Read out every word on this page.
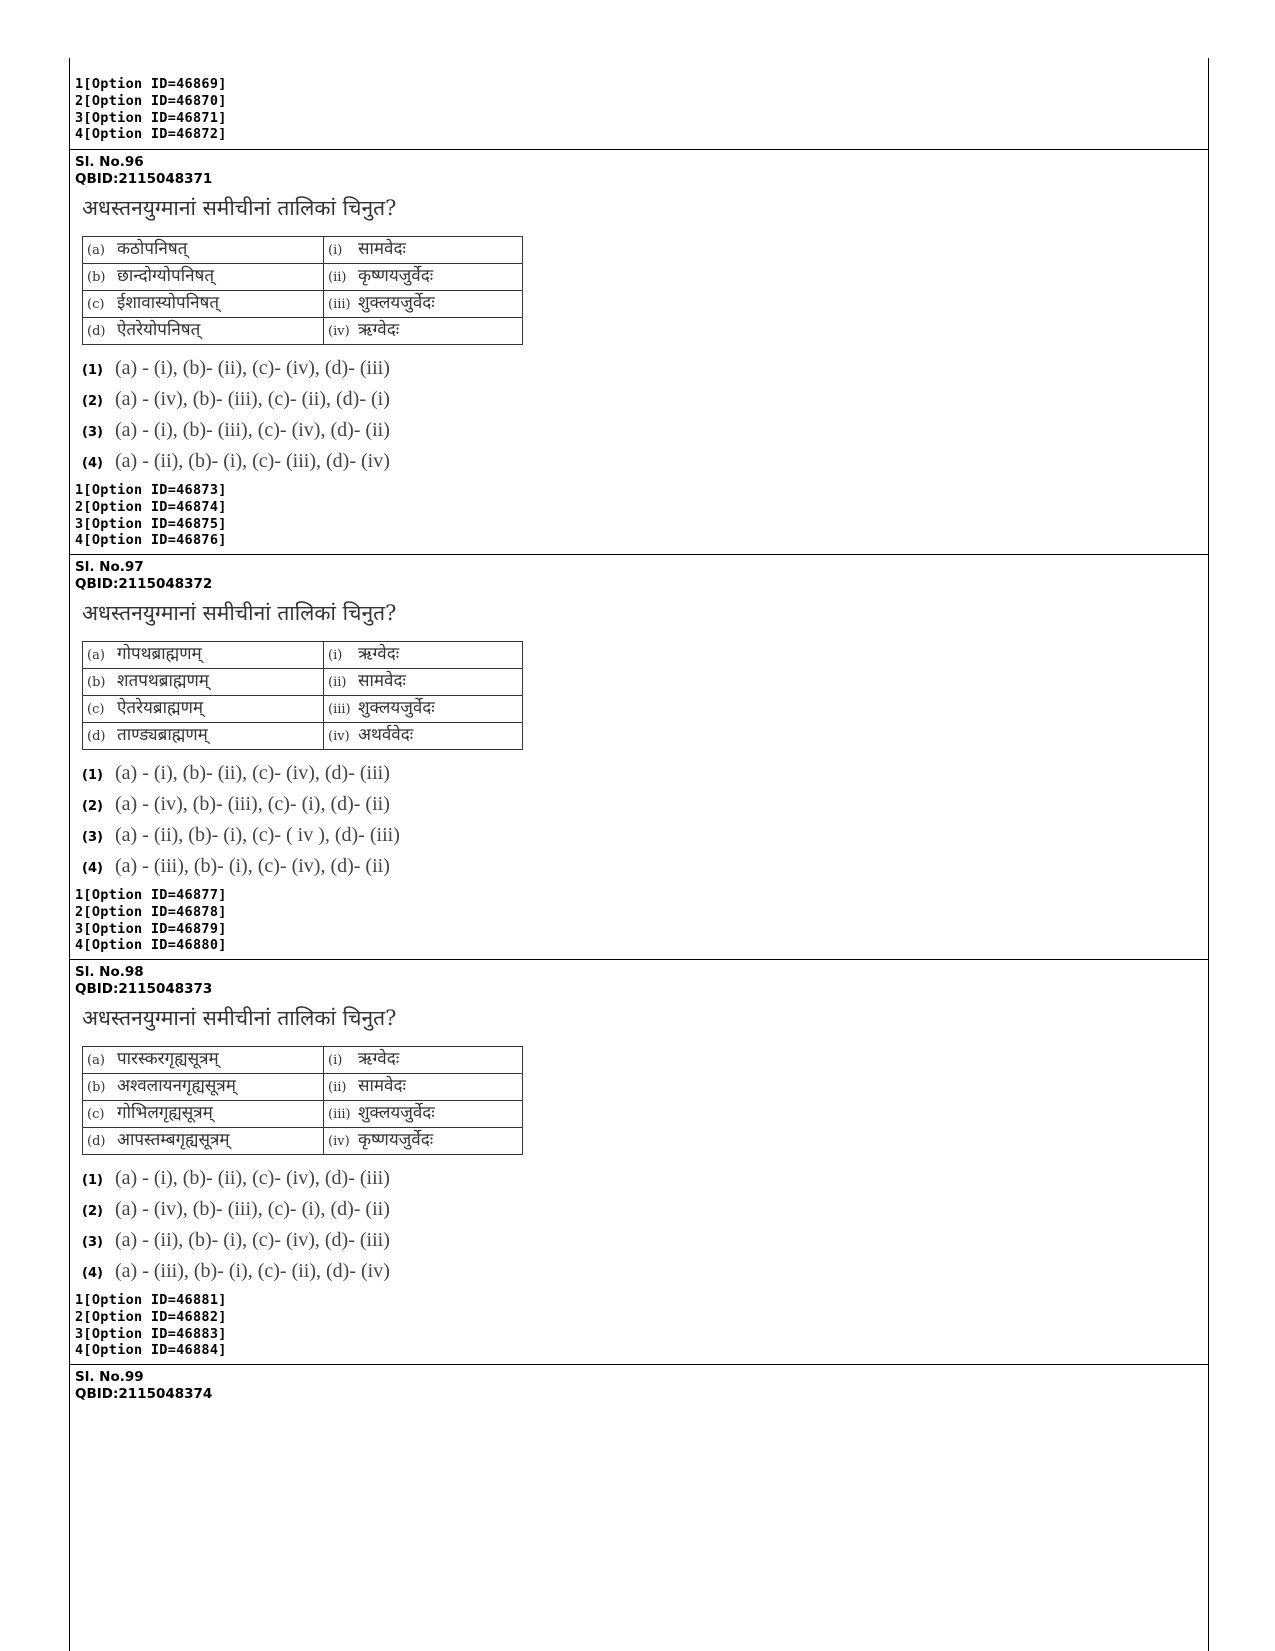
1[Option ID=46869]
2[Option ID=46870]
3[Option ID=46871]
4[Option ID=46872]
Sl. No.96
QBID:2115048371
अधस्तनयुग्मानां समीचीनां तालिकां चिनुत?
(a) कठोपनिषत्	(i) सामवेदः
(b) छान्दोग्योपनिषत्	(ii) कृष्णयजुर्वेदः
(c) ईशावास्योपनिषत्	(iii) शुक्लयजुर्वेदः
(d) ऐतरेयोपनिषत्	(iv) ऋग्वेदः
(1) (a) - (i), (b)- (ii), (c)- (iv), (d)- (iii)
(2) (a) - (iv), (b)- (iii), (c)- (ii), (d)- (i)
(3) (a) - (i), (b)- (iii), (c)- (iv), (d)- (ii)
(4) (a) - (ii), (b)- (i), (c)- (iii), (d)- (iv)
1[Option ID=46873]
2[Option ID=46874]
3[Option ID=46875]
4[Option ID=46876]
Sl. No.97
QBID:2115048372
अधस्तनयुग्मानां समीचीनां तालिकां चिनुत?
(a) गोपथब्राह्मणम्	(i) ऋग्वेदः
(b) शतपथब्राह्मणम्	(ii) सामवेदः
(c) ऐतरेयब्राह्मणम्	(iii) शुक्लयजुर्वेदः
(d) ताण्ड्यब्राह्मणम्	(iv) अथर्ववेदः
(1) (a) - (i), (b)- (ii), (c)- (iv), (d)- (iii)
(2) (a) - (iv), (b)- (iii), (c)- (i), (d)- (ii)
(3) (a) - (ii), (b)- (i), (c)- ( iv ), (d)- (iii)
(4) (a) - (iii), (b)- (i), (c)- (iv), (d)- (ii)
1[Option ID=46877]
2[Option ID=46878]
3[Option ID=46879]
4[Option ID=46880]
Sl. No.98
QBID:2115048373
अधस्तनयुग्मानां समीचीनां तालिकां चिनुत?
(a) पारस्करगृह्यसूत्रम्	(i) ऋग्वेदः
(b) अश्वलायनगृह्यसूत्रम्	(ii) सामवेदः
(c) गोभिलगृह्यसूत्रम्	(iii) शुक्लयजुर्वेदः
(d) आपस्तम्बगृह्यसूत्रम्	(iv) कृष्णयजुर्वेदः
(1) (a) - (i), (b)- (ii), (c)- (iv), (d)- (iii)
(2) (a) - (iv), (b)- (iii), (c)- (i), (d)- (ii)
(3) (a) - (ii), (b)- (i), (c)- (iv), (d)- (iii)
(4) (a) - (iii), (b)- (i), (c)- (ii), (d)- (iv)
1[Option ID=46881]
2[Option ID=46882]
3[Option ID=46883]
4[Option ID=46884]
Sl. No.99
QBID:2115048374
